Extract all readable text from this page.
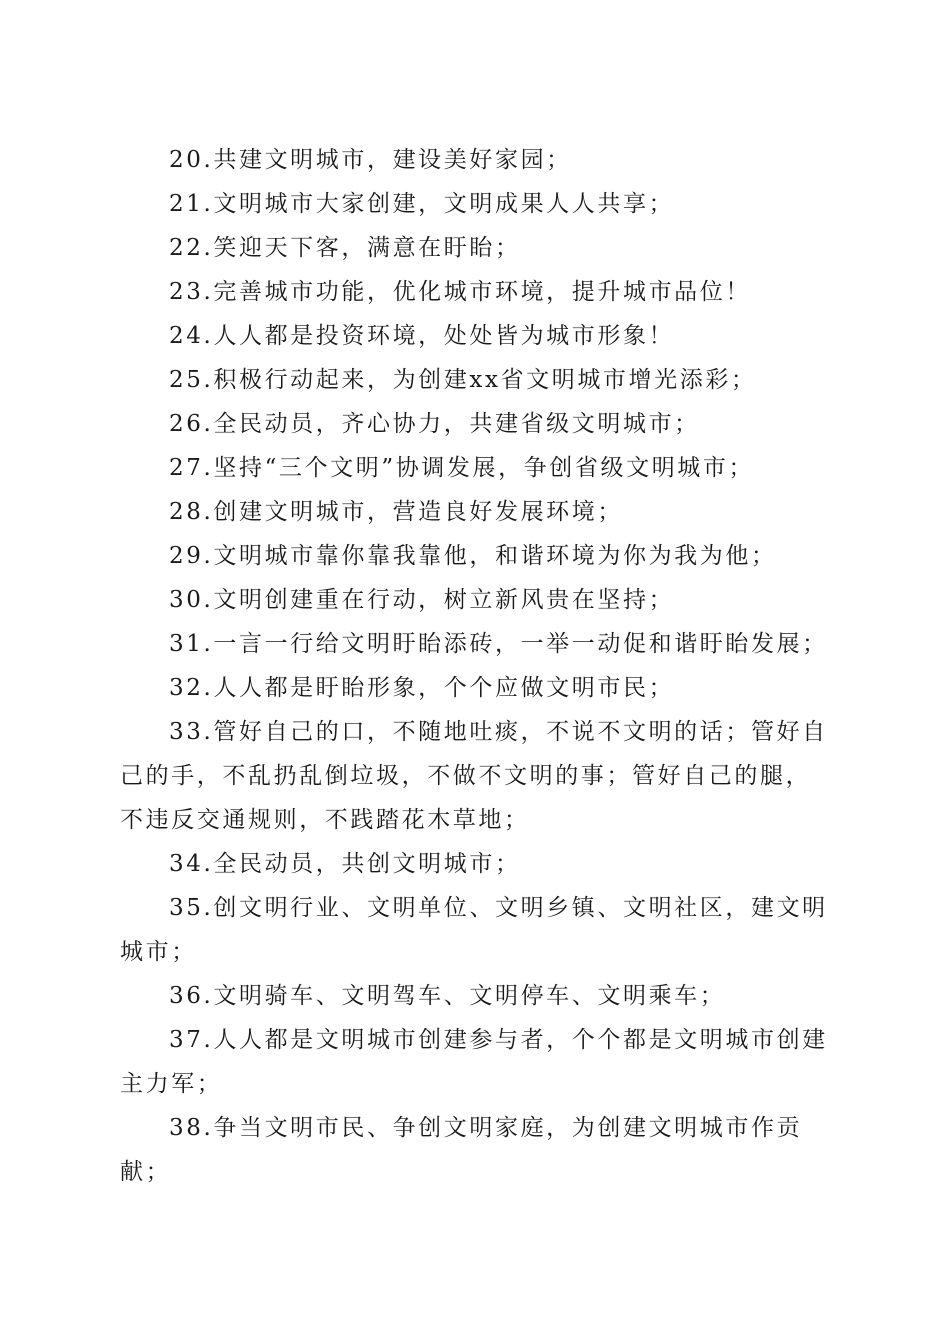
20.共建文明城市，建设美好家园；

21.文明城市大家创建，文明成果人人共享；

22.笑迎天下客，满意在盱眙；

23.完善城市功能，优化城市环境，提升城市品位！

24.人人都是投资环境，处处皆为城市形象！

25.积极行动起来，为创建xx省文明城市增光添彩；

26.全民动员，齐心协力，共建省级文明城市；

27.坚持“三个文明”协调发展，争创省级文明城市；

28.创建文明城市，营造良好发展环境；

29.文明城市靠你靠我靠他，和谐环境为你为我为他；

30.文明创建重在行动，树立新风贵在坚持；

31.一言一行给文明盱眙添砖，一举一动促和谐盱眙发展；

32.人人都是盱眙形象，个个应做文明市民；

33.管好自己的口，不随地吐痰，不说不文明的话；管好自己的手，不乱扔乱倒垃圾，不做不文明的事；管好自己的腿，不违反交通规则，不践踏花木草地；

34.全民动员，共创文明城市；

35.创文明行业、文明单位、文明乡镇、文明社区，建文明城市；

36.文明骑车、文明驾车、文明停车、文明乘车；

37.人人都是文明城市创建参与者，个个都是文明城市创建主力军；

38.争当文明市民、争创文明家庭，为创建文明城市作贡献；
